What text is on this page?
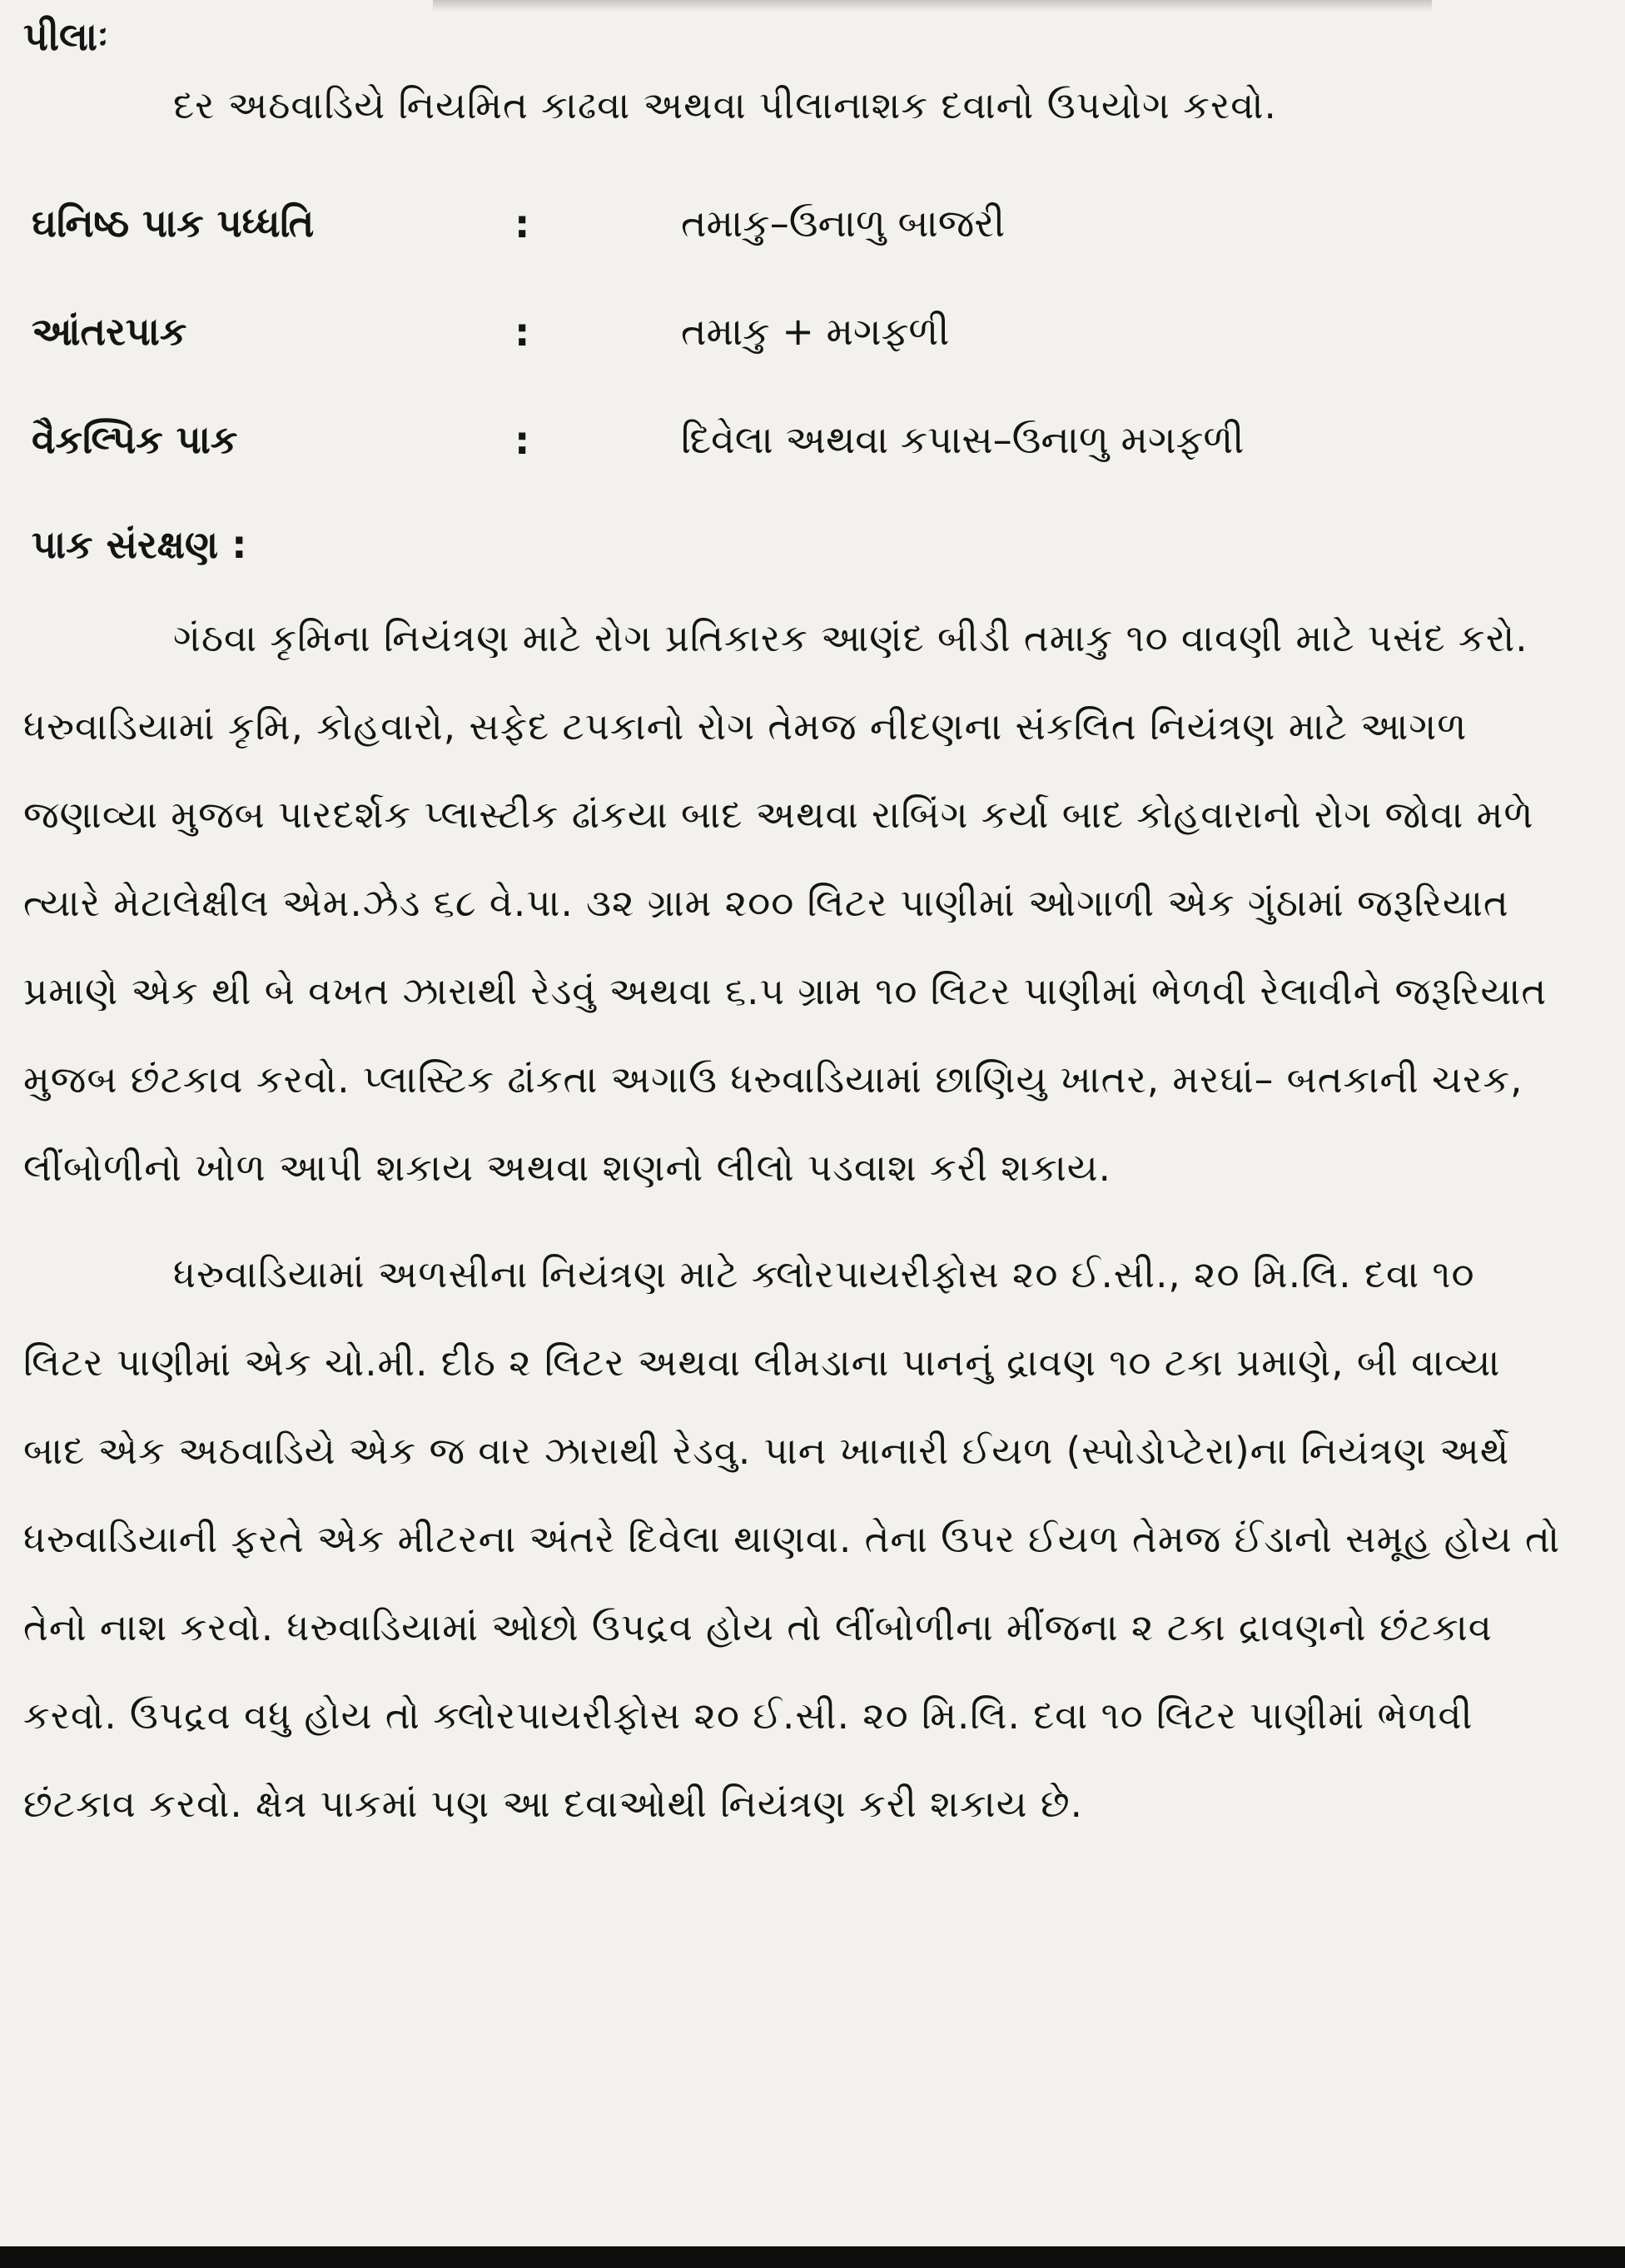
પીલાઃ

દર અઠવાડિયે નિયમિત કાઢવા અથવા પીલાનાશક દવાનો ઉપયોગ કરવો.

ઘનિષ્ઠ પાક પધ્ધતિ	:	તમાકુ–ઉનાળુ બાજરી
આંતરપાક	:	તમાકુ + મગફળી
વૈકલ્પિક પાક	:	દિવેલા અથવા કપાસ–ઉનાળુ મગફળી
પાક સંરક્ષણ :

ગંઠવા કૃમિના નિયંત્રણ માટે રોગ પ્રતિકારક આણંદ બીડી તમાકુ ૧૦ વાવણી માટે પસંદ કરો. ધરુવાડિયામાં કૃમિ, કોહવારો, સફેદ ટપકાનો રોગ તેમજ નીદણના સંકલિત નિયંત્રણ માટે આગળ જણાવ્યા મુજબ પારદર્શક પ્લાસ્ટીક ઢાંકયા બાદ અથવા રાબિંગ કર્યા બાદ કોહવારાનો રોગ જોવા મળે ત્યારે મેટાલેક્ષીલ એમ.ઝેડ ૬૮ વે.પા. ૩૨ ગ્રામ ૨૦૦ લિટર પાણીમાં ઓગાળી એક ગુંઠામાં જરૂરિયાત પ્રમાણે એક થી બે વખત ઝારાથી રેડવું અથવા ૬.૫ ગ્રામ ૧૦ લિટર પાણીમાં ભેળવી રેલાવીને જરૂરિયાત મુજબ છંટકાવ કરવો. પ્લાસ્ટિક ઢાંકતા અગાઉ ધરુવાડિયામાં છાણિયુ ખાતર, મરઘાં– બતકાની ચરક, લીંબોળીનો ખોળ આપી શકાય અથવા શણનો લીલો પડવાશ કરી શકાય.

ધરુવાડિયામાં અળસીના નિયંત્રણ માટે ક્લોરપાયરીફોસ ૨૦ ઈ.સી., ૨૦ મિ.લિ. દવા ૧૦ લિટર પાણીમાં એક ચો.મી. દીઠ ૨ લિટર અથવા લીમડાના પાનનું દ્રાવણ ૧૦ ટકા પ્રમાણે, બી વાવ્યા બાદ એક અઠવાડિયે એક જ વાર ઝારાથી રેડવુ. પાન ખાનારી ઈયળ (સ્પોડોપ્ટેરા)ના નિયંત્રણ અર્થે ધરુવાડિયાની ફરતે એક મીટરના અંતરે દિવેલા થાણવા. તેના ઉપર ઈયળ તેમજ ઈંડાનો સમૂહ હોય તો તેનો નાશ કરવો. ધરુવાડિયામાં ઓછો ઉપદ્રવ હોય તો લીંબોળીના મીંજના ૨ ટકા દ્રાવણનો છંટકાવ કરવો. ઉપદ્રવ વધુ હોય તો ક્લોરપાયરીફોસ ૨૦ ઈ.સી. ૨૦ મિ.લિ. દવા ૧૦ લિટર પાણીમાં ભેળવી છંટકાવ કરવો. ક્ષેત્ર પાકમાં પણ આ દવાઓથી નિયંત્રણ કરી શકાય છે.
